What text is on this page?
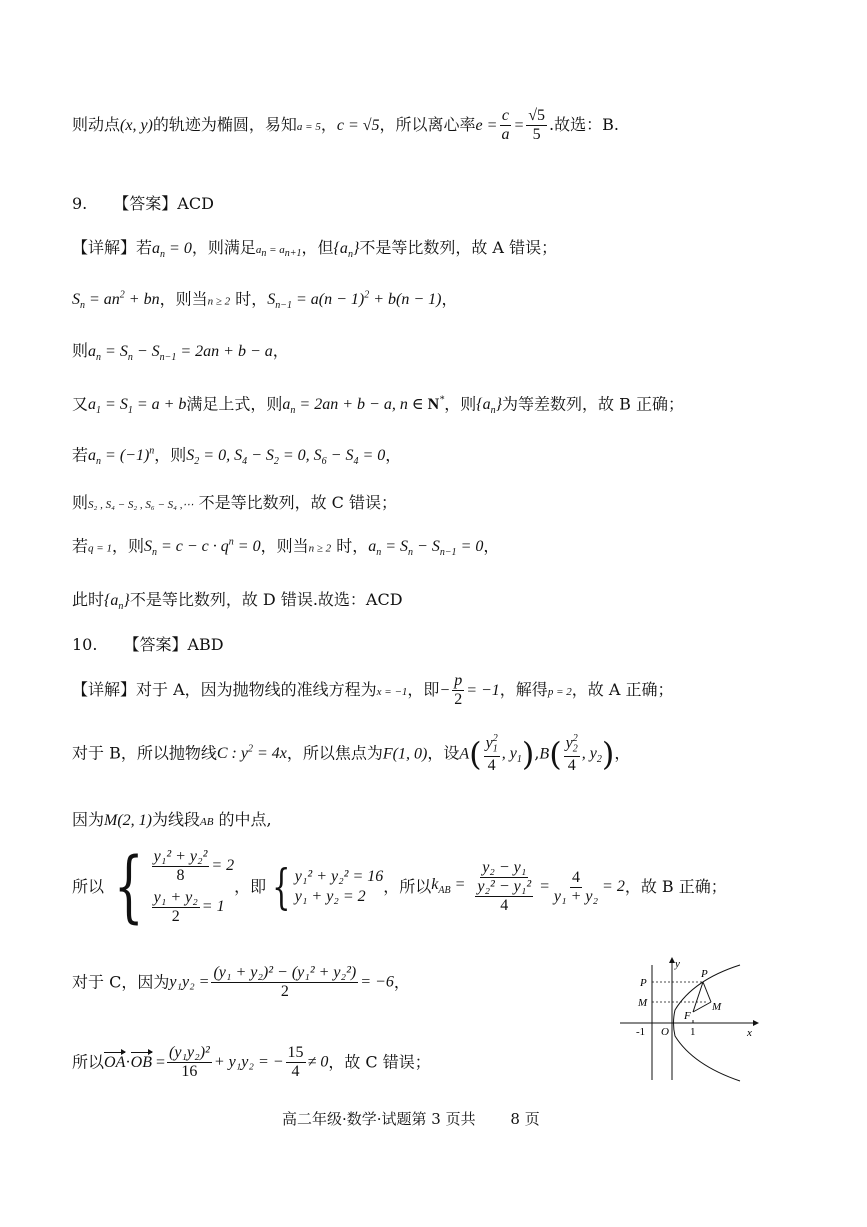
则动点(x, y)的轨迹为椭圆，易知a = 5，c = √5，所以离心率$e = \frac{c}{a} = \frac{√5}{5}$ .故选：B.
9. 【答案】ACD
【详解】若$a_n = 0$，则满足$a_n = a_{n+1}$，但$\{a_n\}$不是等比数列，故 A 错误；
$S_n = an^2$ + bn，则当n ≥ 2 时，$S_{n-1} = a(n - 1)^2 + b(n - 1)$，
则$a_n = S_n - S_{n-1} = 2an + b - a$，
又$a_1 = S_1 = a + b$满足上式，则$a_n = 2an + b - a$, n ∈ N*，则$\{a_n\}$为等差数列，故 B 正确；
若$a_n = (-1)^n$，则$S_2 = 0$, $S_4 - S_2 = 0$, $S_6 - S_4 = 0$，
则S₂ , S₄ − S₂ , S₆ − S₄ ,⋯ 不是等比数列，故 C 错误；
若q = 1，则$S_n = c - c \cdot q^n = 0$，则当n ≥ 2 时，$a_n = S_n - S_{n-1} = 0$，
此时$\{a_n\}$不是等比数列，故 D 错误.故选：ACD
10. 【答案】ABD
【详解】对于 A，因为抛物线的准线方程为x = −1，即− $\frac{p}{2} = -1$，解得p = 2，故 A 正确；
对于 B，所以抛物线C : $y^2 = 4x$，所以焦点为F(1, 0)，设$A( \frac{y_1^2}{4}$ , $y_1),B( \frac{y_2^2}{4}$ , $y_2$)，
因为M(2, 1)为线段AB 的中点,
所以 { $\frac{\text{y₁² + y₂²}}{8} = 2$
$\frac{\text{y₁ + y₂}}{2} = 1$
，即 { y₁² + y₂² = 16
y₁ + y₂ = 2
，所以$k_{AB} = \frac{\text{y₂ − y₁}}{\frac{\text{y₂² − y₁²}}{4}} = \frac{4}{\text{y₁ + y₂}} = 2$，故 B 正确；
对于 C，因为$y_1y_2 = \frac{\text{(y₁ + y₂)² − (y₁² + y₂²)}}{2} = -6$，
所以$OA\cdot OB = \frac{\text{(y₁y₂)²}}{16} + y_1y_2$ = − $\frac{15}{4} \ne 0$，故 C 错误；
y
x
P
M
-1 O
F
1
P
M
高二年级·数学·试题第 3 页共 　　8 页
